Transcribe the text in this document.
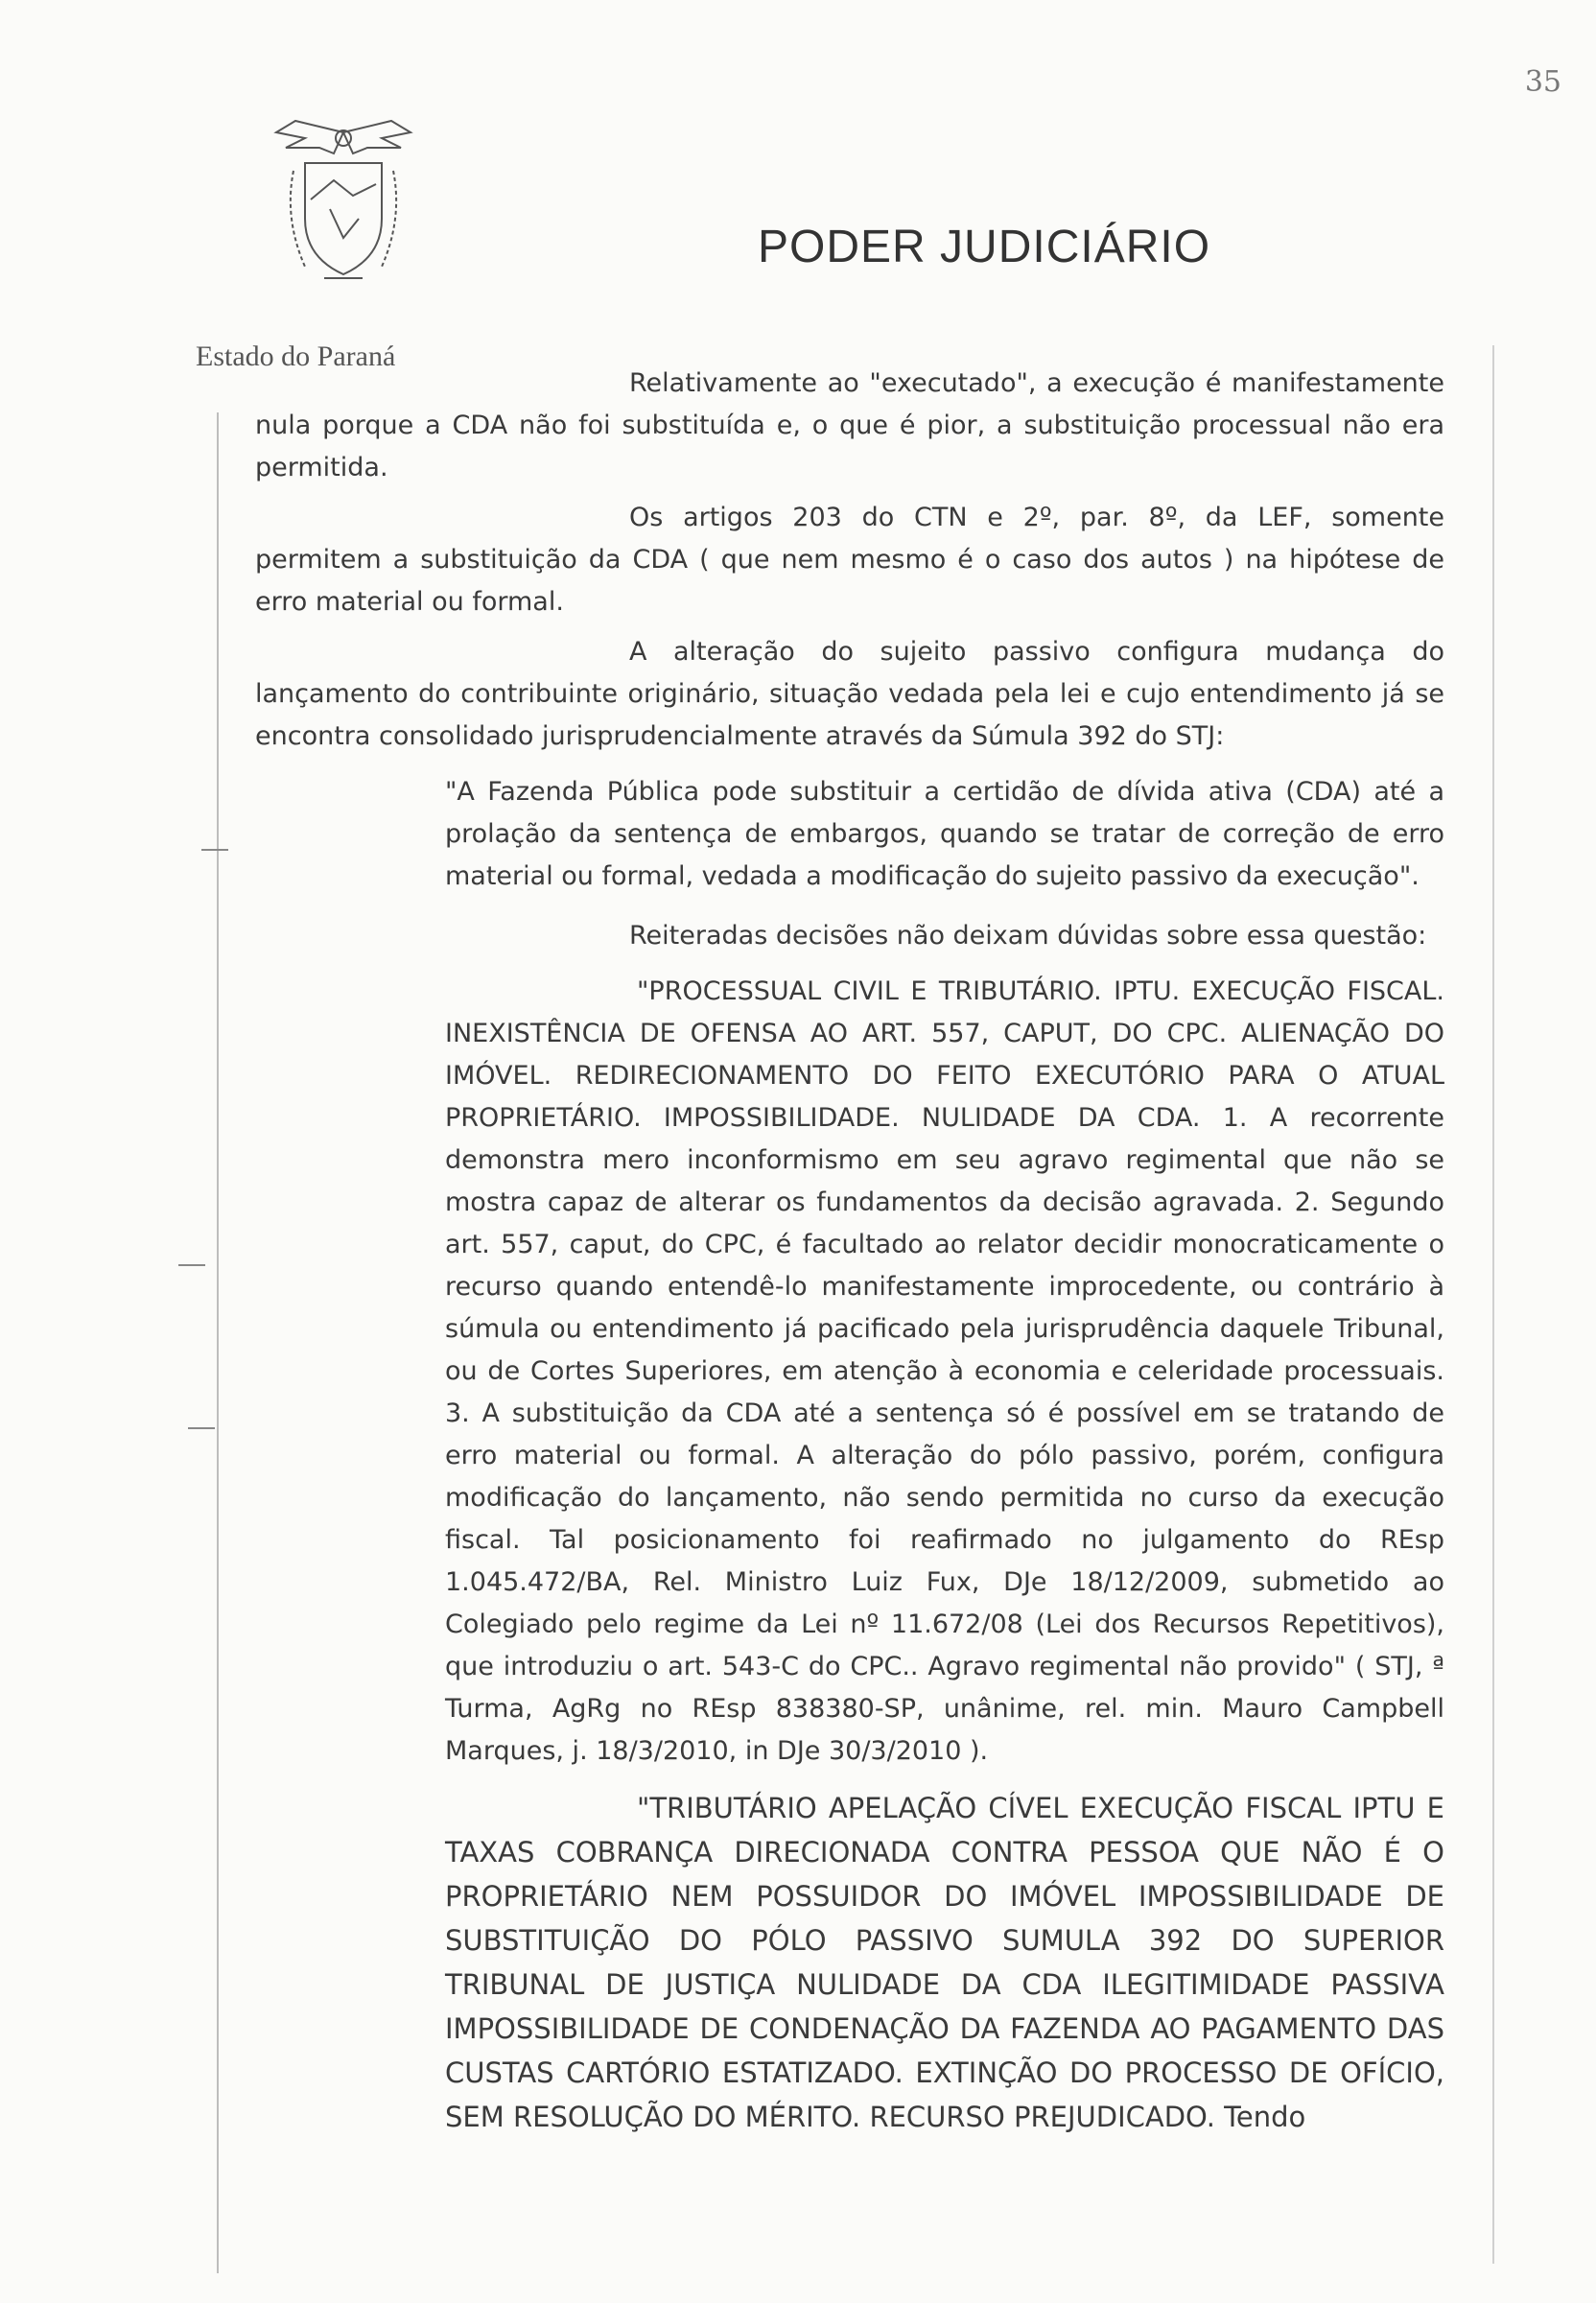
35
PODER JUDICIÁRIO
Estado do Paraná

Relativamente ao "executado", a execução é manifestamente nula porque a CDA não foi substituída e, o que é pior, a substituição processual não era permitida.

Os artigos 203 do CTN e 2º, par. 8º, da LEF, somente permitem a substituição da CDA ( que nem mesmo é o caso dos autos ) na hipótese de erro material ou formal.

A alteração do sujeito passivo configura mudança do lançamento do contribuinte originário, situação vedada pela lei e cujo entendimento já se encontra consolidado jurisprudencialmente através da Súmula 392 do STJ:

"A Fazenda Pública pode substituir a certidão de dívida ativa (CDA) até a prolação da sentença de embargos, quando se tratar de correção de erro material ou formal, vedada a modificação do sujeito passivo da execução".

Reiteradas decisões não deixam dúvidas sobre essa questão:

"PROCESSUAL CIVIL E TRIBUTÁRIO. IPTU. EXECUÇÃO FISCAL. INEXISTÊNCIA DE OFENSA AO ART. 557, CAPUT, DO CPC. ALIENAÇÃO DO IMÓVEL. REDIRECIONAMENTO DO FEITO EXECUTÓRIO PARA O ATUAL PROPRIETÁRIO. IMPOSSIBILIDADE. NULIDADE DA CDA. 1. A recorrente demonstra mero inconformismo em seu agravo regimental que não se mostra capaz de alterar os fundamentos da decisão agravada. 2. Segundo art. 557, caput, do CPC, é facultado ao relator decidir monocraticamente o recurso quando entendê-lo manifestamente improcedente, ou contrário à súmula ou entendimento já pacificado pela jurisprudência daquele Tribunal, ou de Cortes Superiores, em atenção à economia e celeridade processuais. 3. A substituição da CDA até a sentença só é possível em se tratando de erro material ou formal. A alteração do pólo passivo, porém, configura modificação do lançamento, não sendo permitida no curso da execução fiscal. Tal posicionamento foi reafirmado no julgamento do REsp 1.045.472/BA, Rel. Ministro Luiz Fux, DJe 18/12/2009, submetido ao Colegiado pelo regime da Lei nº 11.672/08 (Lei dos Recursos Repetitivos), que introduziu o art. 543-C do CPC.. Agravo regimental não provido" ( STJ, ª Turma, AgRg no REsp 838380-SP, unânime, rel. min. Mauro Campbell Marques, j. 18/3/2010, in DJe 30/3/2010 ).

"TRIBUTÁRIO APELAÇÃO CÍVEL EXECUÇÃO FISCAL IPTU E TAXAS COBRANÇA DIRECIONADA CONTRA PESSOA QUE NÃO É O PROPRIETÁRIO NEM POSSUIDOR DO IMÓVEL IMPOSSIBILIDADE DE SUBSTITUIÇÃO DO PÓLO PASSIVO SUMULA 392 DO SUPERIOR TRIBUNAL DE JUSTIÇA NULIDADE DA CDA ILEGITIMIDADE PASSIVA IMPOSSIBILIDADE DE CONDENAÇÃO DA FAZENDA AO PAGAMENTO DAS CUSTAS CARTÓRIO ESTATIZADO. EXTINÇÃO DO PROCESSO DE OFÍCIO, SEM RESOLUÇÃO DO MÉRITO. RECURSO PREJUDICADO. Tendo
